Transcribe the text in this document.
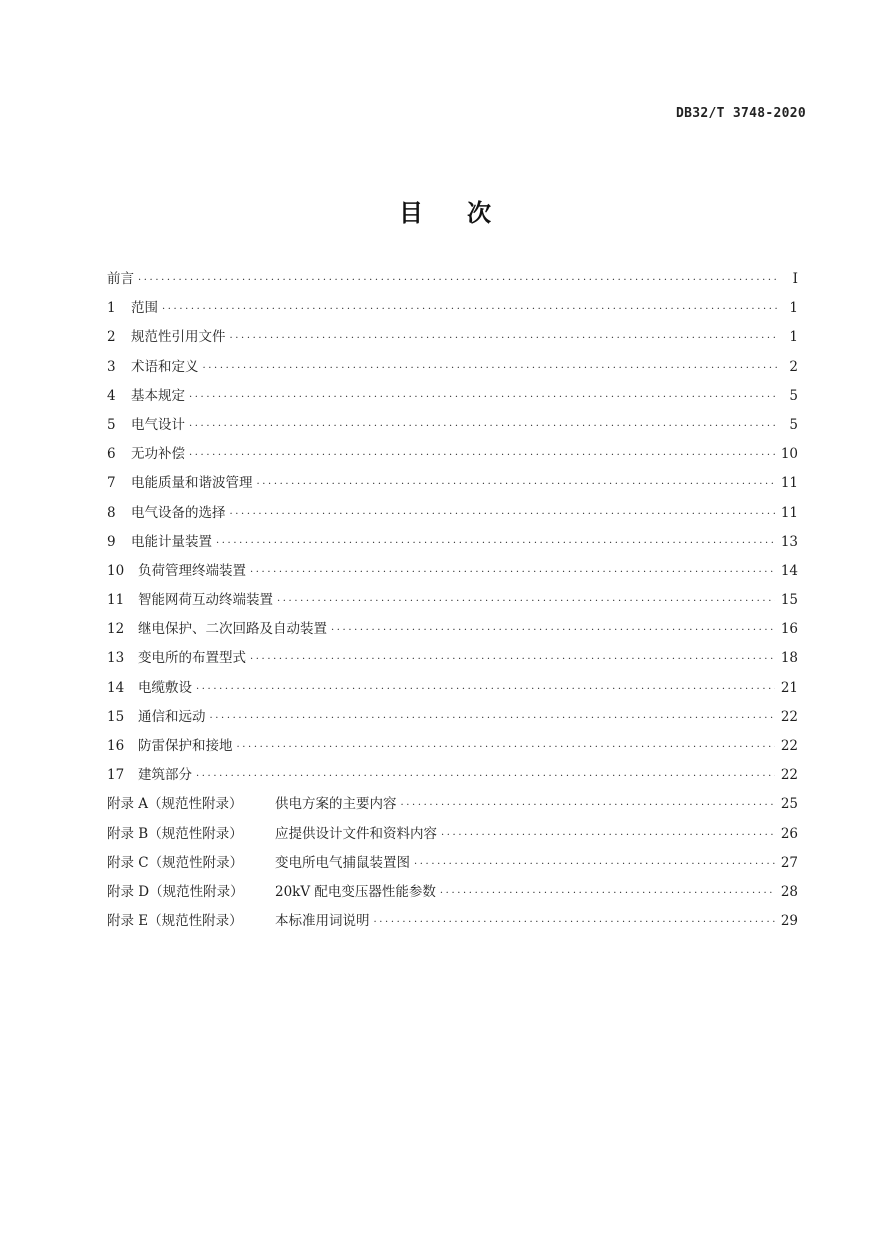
DB32/T 3748-2020
目 次
前言 ·····	I
1	范围 ·····	1
2	规范性引用文件 ·····	1
3	术语和定义 ·····	2
4	基本规定 ·····	5
5	电气设计 ·····	5
6	无功补偿 ·····	10
7	电能质量和谐波管理 ·····	11
8	电气设备的选择 ·····	11
9	电能计量装置 ·····	13
10	负荷管理终端装置 ·····	14
11	智能网荷互动终端装置 ·····	15
12	继电保护、二次回路及自动装置 ·····	16
13	变电所的布置型式 ·····	18
14	电缆敷设 ·····	21
15	通信和远动 ·····	22
16	防雷保护和接地 ·····	22
17	建筑部分 ·····	22
附录 A（规范性附录）	供电方案的主要内容 ·····	25
附录 B（规范性附录）	应提供设计文件和资料内容 ·····	26
附录 C（规范性附录）	变电所电气捕鼠装置图 ·····	27
附录 D（规范性附录）	20kV 配电变压器性能参数 ·····	28
附录 E（规范性附录）	本标准用词说明 ·····	29
